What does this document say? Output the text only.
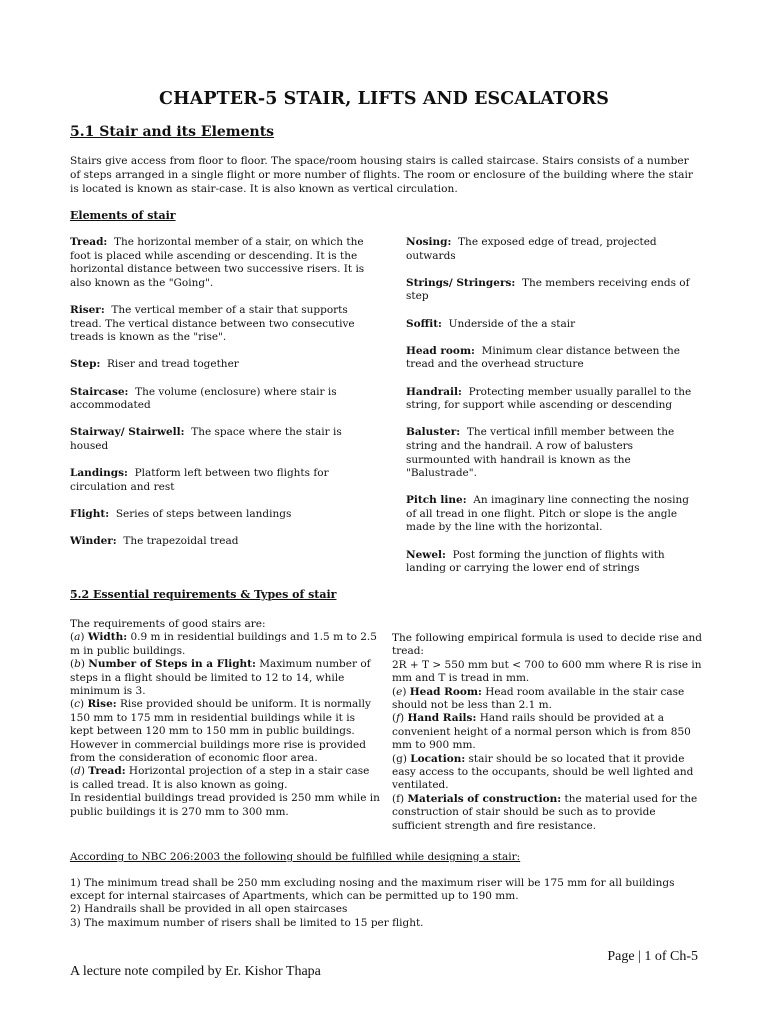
CHAPTER-5 STAIR, LIFTS AND ESCALATORS
5.1 Stair and its Elements
Stairs give access from floor to floor. The space/room housing stairs is called staircase. Stairs consists of a number of steps arranged in a single flight or more number of flights. The room or enclosure of the building where the stair is located is known as stair-case. It is also known as vertical circulation.
Elements of stair

Tread: The horizontal member of a stair, on which the foot is placed while ascending or descending. It is the horizontal distance between two successive risers. It is also known as the "Going".

Riser: The vertical member of a stair that supports tread. The vertical distance between two consecutive treads is known as the "rise".

Step: Riser and tread together

Staircase: The volume (enclosure) where stair is accommodated

Stairway/ Stairwell: The space where the stair is housed

Landings: Platform left between two flights for circulation and rest

Flight: Series of steps between landings

Winder: The trapezoidal tread

Nosing: The exposed edge of tread, projected outwards

Strings/ Stringers: The members receiving ends of step

Soffit: Underside of the a stair

Head room: Minimum clear distance between the tread and the overhead structure

Handrail: Protecting member usually parallel to the string, for support while ascending or descending

Baluster: The vertical infill member between the string and the handrail. A row of balusters surmounted with handrail is known as the "Balustrade".

Pitch line: An imaginary line connecting the nosing of all tread in one flight. Pitch or slope is the angle made by the line with the horizontal.

Newel: Post forming the junction of flights with landing or carrying the lower end of strings

5.2 Essential requirements & Types of stair

The requirements of good stairs are:

(a) Width: 0.9 m in residential buildings and 1.5 m to 2.5 m in public buildings.

(b) Number of Steps in a Flight: Maximum number of steps in a flight should be limited to 12 to 14, while minimum is 3.

(c) Rise: Rise provided should be uniform. It is normally 150 mm to 175 mm in residential buildings while it is kept between 120 mm to 150 mm in public buildings. However in commercial buildings more rise is provided from the consideration of economic floor area.

(d) Tread: Horizontal projection of a step in a stair case is called tread. It is also known as going.

In residential buildings tread provided is 250 mm while in public buildings it is 270 mm to 300 mm.

The following empirical formula is used to decide rise and tread:

2R + T > 550 mm but < 700 to 600 mm where R is rise in mm and T is tread in mm.

(e) Head Room: Head room available in the stair case should not be less than 2.1 m.

(f) Hand Rails: Hand rails should be provided at a convenient height of a normal person which is from 850 mm to 900 mm.

(g) Location: stair should be so located that it provide easy access to the occupants, should be well lighted and ventilated.

(f) Materials of construction: the material used for the construction of stair should be such as to provide sufficient strength and fire resistance.

According to NBC 206:2003 the following should be fulfilled while designing a stair:

1) The minimum tread shall be 250 mm excluding nosing and the maximum riser will be 175 mm for all buildings except for internal staircases of Apartments, which can be permitted up to 190 mm.

2) Handrails shall be provided in all open staircases

3) The maximum number of risers shall be limited to 15 per flight.

Page | 1 of Ch-5
A lecture note compiled by Er. Kishor Thapa
